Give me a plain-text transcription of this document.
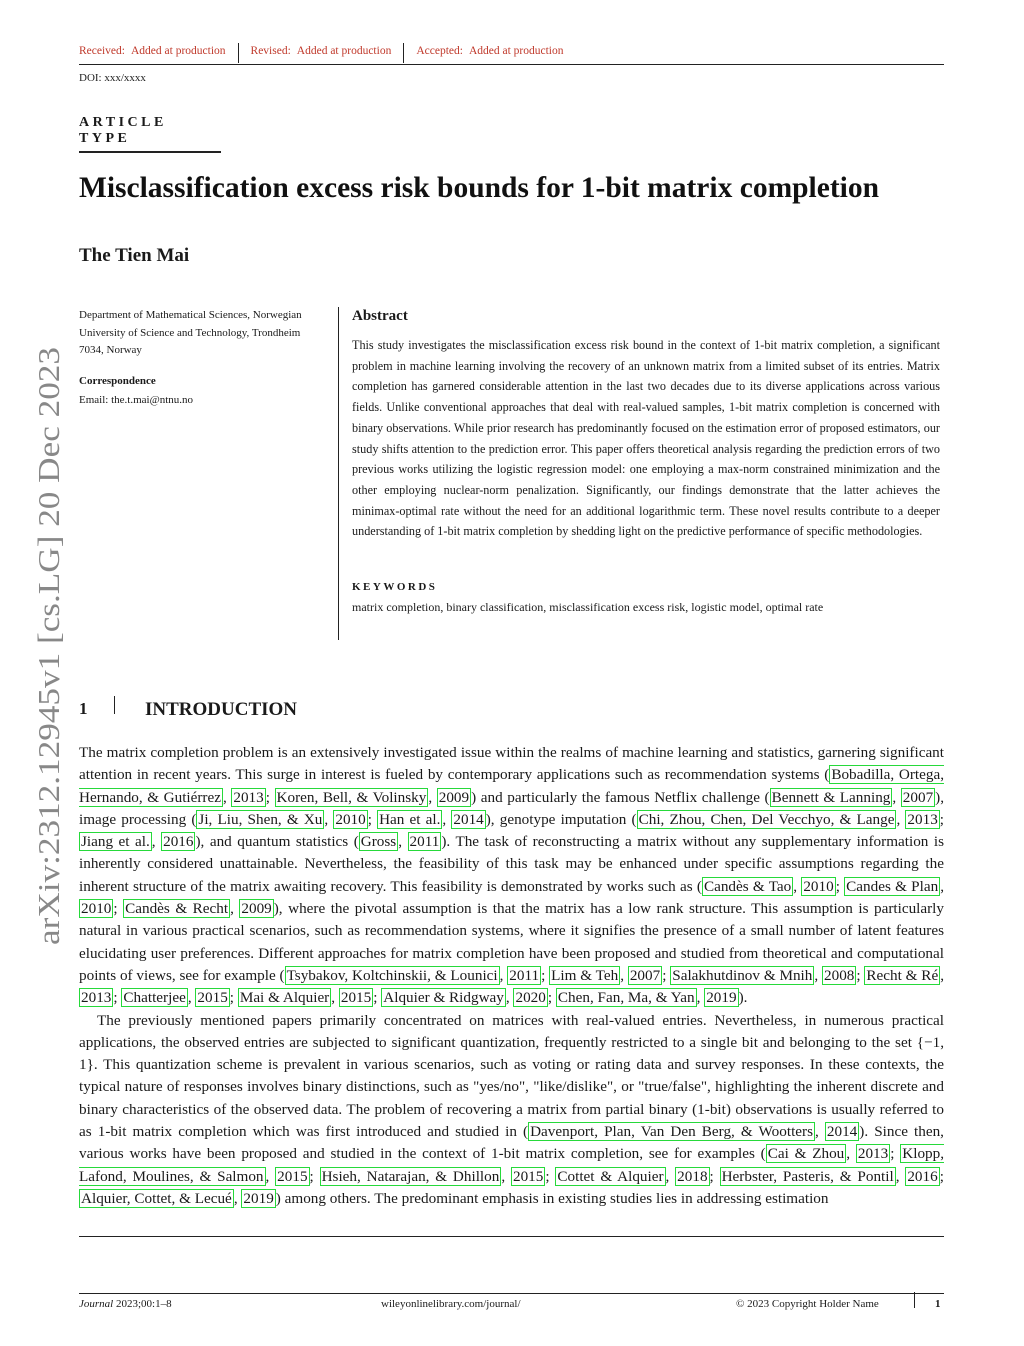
Received: Added at production	Revised: Added at production	Accepted: Added at production
DOI: xxx/xxxx
ARTICLE TYPE
Misclassification excess risk bounds for 1-bit matrix completion
The Tien Mai
Department of Mathematical Sciences, Norwegian University of Science and Technology, Trondheim 7034, Norway
Correspondence
Email: the.t.mai@ntnu.no
Abstract
This study investigates the misclassification excess risk bound in the context of 1-bit matrix completion, a significant problem in machine learning involving the recovery of an unknown matrix from a limited subset of its entries. Matrix completion has garnered considerable attention in the last two decades due to its diverse applications across various fields. Unlike conventional approaches that deal with real-valued samples, 1-bit matrix completion is concerned with binary observations. While prior research has predominantly focused on the estimation error of proposed estimators, our study shifts attention to the prediction error. This paper offers theoretical analysis regarding the prediction errors of two previous works utilizing the logistic regression model: one employing a max-norm constrained minimization and the other employing nuclear-norm penalization. Significantly, our findings demonstrate that the latter achieves the minimax-optimal rate without the need for an additional logarithmic term. These novel results contribute to a deeper understanding of 1-bit matrix completion by shedding light on the predictive performance of specific methodologies.
KEYWORDS
matrix completion, binary classification, misclassification excess risk, logistic model, optimal rate
arXiv:2312.12945v1 [cs.LG] 20 Dec 2023 1	INTRODUCTION

The matrix completion problem is an extensively investigated issue within the realms of machine learning and statistics, garnering significant attention in recent years. This surge in interest is fueled by contemporary applications such as recommendation systems ( Bobadilla, Ortega, Hernando, & Gutiérrez , 2013 ; Koren, Bell, & Volinsky , 2009 ) and particularly the famous Netflix challenge ( Bennett & Lanning , 2007 ), image processing ( Ji, Liu, Shen, & Xu , 2010 ; Han et al. , 2014 ), genotype imputation ( Chi, Zhou, Chen, Del Vecchyo, & Lange , 2013 ; Jiang et al. , 2016 ), and quantum statistics ( Gross , 2011 ). The task of reconstructing a matrix without any supplementary information is inherently considered unattainable. Nevertheless, the feasibility of this task may be enhanced under specific assumptions regarding the inherent structure of the matrix awaiting recovery. This feasibility is demonstrated by works such as ( Candès & Tao , 2010 ; Candes & Plan , 2010 ; Candès & Recht , 2009 ), where the pivotal assumption is that the matrix has a low rank structure. This assumption is particularly natural in various practical scenarios, such as recommendation systems, where it signifies the presence of a small number of latent features elucidating user preferences. Different approaches for matrix completion have been proposed and studied from theoretical and computational points of views, see for example ( Tsybakov, Koltchinskii, & Lounici , 2011 ; Lim & Teh , 2007 ; Salakhutdinov & Mnih , 2008 ; Recht & Ré , 2013 ; Chatterjee , 2015 ; Mai & Alquier , 2015 ; Alquier & Ridgway , 2020 ; Chen, Fan, Ma, & Yan , 2019 ).

The previously mentioned papers primarily concentrated on matrices with real-valued entries. Nevertheless, in numerous practical applications, the observed entries are subjected to significant quantization, frequently restricted to a single bit and belonging to the set {−1, 1}. This quantization scheme is prevalent in various scenarios, such as voting or rating data and survey responses. In these contexts, the typical nature of responses involves binary distinctions, such as "yes/no", "like/dislike", or "true/false", highlighting the inherent discrete and binary characteristics of the observed data. The problem of recovering a matrix from partial binary (1-bit) observations is usually referred to as 1-bit matrix completion which was first introduced and studied in ( Davenport, Plan, Van Den Berg, & Wootters , 2014 ). Since then, various works have been proposed and studied in the context of 1-bit matrix completion, see for examples ( Cai & Zhou , 2013 ; Klopp, Lafond, Moulines, & Salmon , 2015 ; Hsieh, Natarajan, & Dhillon , 2015 ; Cottet & Alquier , 2018 ; Herbster, Pasteris, & Pontil , 2016 ; Alquier, Cottet, & Lecué , 2019 ) among others. The predominant emphasis in existing studies lies in addressing estimation

Journal 2023;00:1–8	wileyonlinelibrary.com/journal/	© 2023 Copyright Holder Name	1
